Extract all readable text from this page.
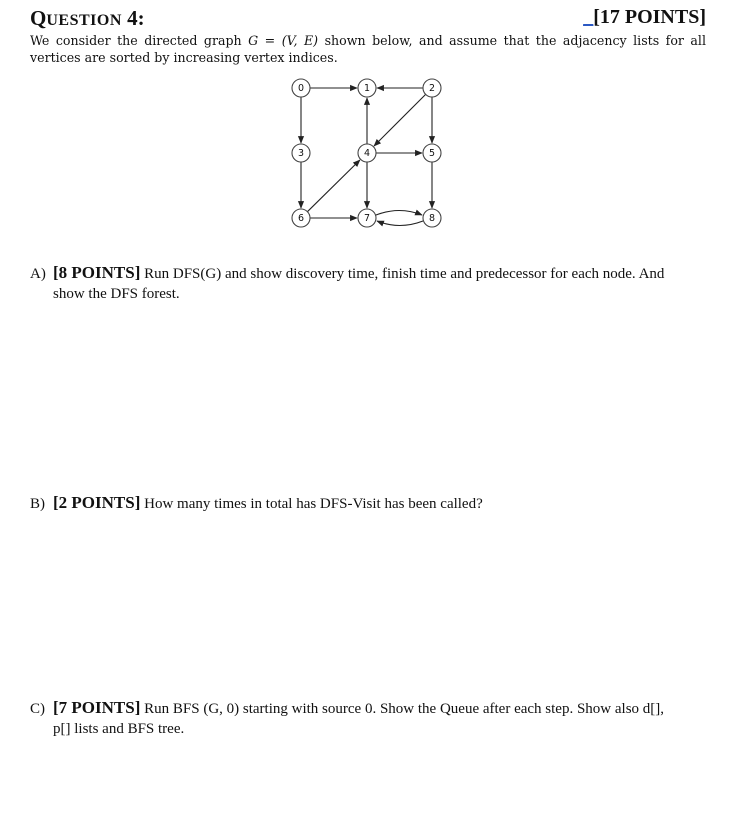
QUESTION 4:	_[17 POINTS]
We consider the directed graph G = (V, E) shown below, and assume that the adjacency lists for all vertices are sorted by increasing vertex indices.
0	1	2
3	4	5
6	7	8
A) [8 POINTS] Run DFS(G) and show discovery time, finish time and predecessor for each node. And
show the DFS forest.
B) [2 POINTS] How many times in total has DFS-Visit has been called?
C) [7 POINTS] Run BFS (G, 0) starting with source 0. Show the Queue after each step. Show also d[],
p[] lists and BFS tree.
